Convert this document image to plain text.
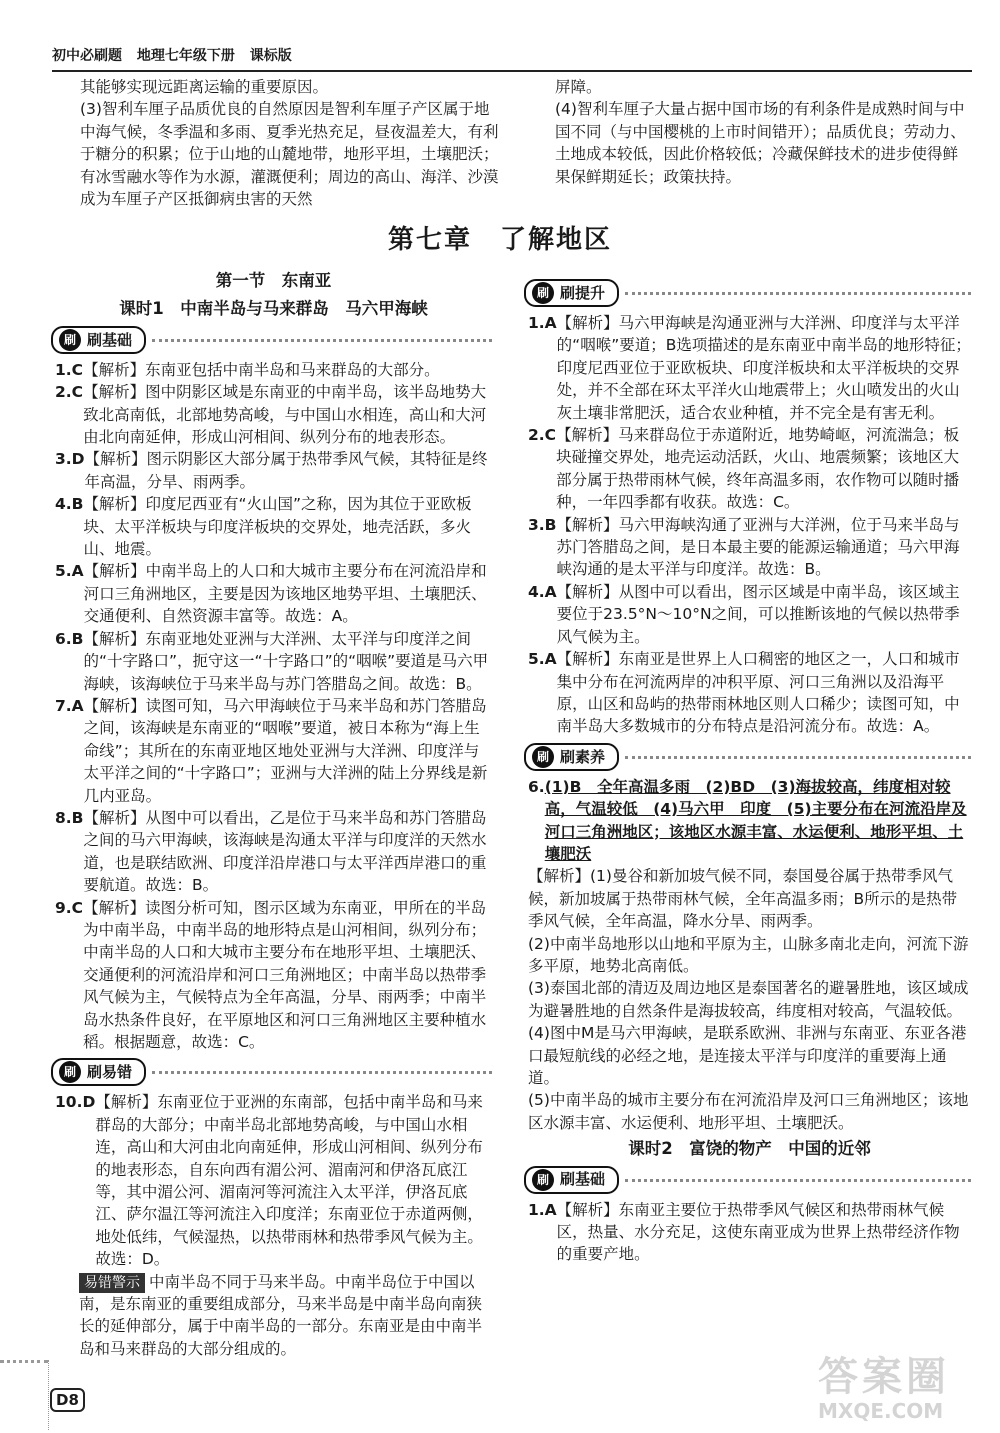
初中必刷题 地理七年级下册 课标版

其能够实现远距离运输的重要原因。

(3)智利车厘子品质优良的自然原因是智利车厘子产区属于地中海气候，冬季温和多雨、夏季光热充足，昼夜温差大，有利于糖分的积累；位于山地的山麓地带，地形平坦，土壤肥沃；有冰雪融水等作为水源，灌溉便利；周边的高山、海洋、沙漠成为车厘子产区抵御病虫害的天然

屏障。

(4)智利车厘子大量占据中国市场的有利条件是成熟时间与中国不同（与中国樱桃的上市时间错开）；品质优良；劳动力、土地成本较低，因此价格较低；冷藏保鲜技术的进步使得鲜果保鲜期延长；政策扶持。

第七章　了解地区

第一节　东南亚

课时1　中南半岛与马来群岛　马六甲海峡

刷 刷基础
1.C 【解析】东南亚包括中南半岛和马来群岛的大部分。
2.C 【解析】图中阴影区域是东南亚的中南半岛，该半岛地势大致北高南低，北部地势高峻，与中国山水相连，高山和大河由北向南延伸，形成山河相间、纵列分布的地表形态。
3.D 【解析】图示阴影区大部分属于热带季风气候，其特征是终年高温，分旱、雨两季。
4.B 【解析】印度尼西亚有“火山国”之称，因为其位于亚欧板块、太平洋板块与印度洋板块的交界处，地壳活跃，多火山、地震。
5.A 【解析】中南半岛上的人口和大城市主要分布在河流沿岸和河口三角洲地区，主要是因为该地区地势平坦、土壤肥沃、交通便利、自然资源丰富等。故选：A。
6.B 【解析】东南亚地处亚洲与大洋洲、太平洋与印度洋之间的“十字路口”，扼守这一“十字路口”的“咽喉”要道是马六甲海峡，该海峡位于马来半岛与苏门答腊岛之间。故选：B。
7.A 【解析】读图可知，马六甲海峡位于马来半岛和苏门答腊岛之间，该海峡是东南亚的“咽喉”要道，被日本称为“海上生命线”；其所在的东南亚地区地处亚洲与大洋洲、印度洋与太平洋之间的“十字路口”；亚洲与大洋洲的陆上分界线是新几内亚岛。
8.B 【解析】从图中可以看出，乙是位于马来半岛和苏门答腊岛之间的马六甲海峡，该海峡是沟通太平洋与印度洋的天然水道，也是联结欧洲、印度洋沿岸港口与太平洋西岸港口的重要航道。故选：B。
9.C 【解析】读图分析可知，图示区域为东南亚，甲所在的半岛为中南半岛，中南半岛的地形特点是山河相间，纵列分布；中南半岛的人口和大城市主要分布在地形平坦、土壤肥沃、交通便利的河流沿岸和河口三角洲地区；中南半岛以热带季风气候为主，气候特点为全年高温，分旱、雨两季；中南半岛水热条件良好，在平原地区和河口三角洲地区主要种植水稻。根据题意，故选：C。
刷 刷易错
10.D 【解析】东南亚位于亚洲的东南部，包括中南半岛和马来群岛的大部分；中南半岛北部地势高峻，与中国山水相连，高山和大河由北向南延伸，形成山河相间、纵列分布的地表形态，自东向西有湄公河、湄南河和伊洛瓦底江等，其中湄公河、湄南河等河流注入太平洋，伊洛瓦底江、萨尔温江等河流注入印度洋；东南亚位于赤道两侧，地处低纬，气候湿热，以热带雨林和热带季风气候为主。故选：D。
易错警示 中南半岛不同于马来半岛。中南半岛位于中国以南，是东南亚的重要组成部分，马来半岛是中南半岛向南狭长的延伸部分，属于中南半岛的一部分。东南亚是由中南半岛和马来群岛的大部分组成的。
刷 刷提升
1.A 【解析】马六甲海峡是沟通亚洲与大洋洲、印度洋与太平洋的“咽喉”要道；B选项描述的是东南亚中南半岛的地形特征；印度尼西亚位于亚欧板块、印度洋板块和太平洋板块的交界处，并不全部在环太平洋火山地震带上；火山喷发出的火山灰土壤非常肥沃，适合农业种植，并不完全是有害无利。
2.C 【解析】马来群岛位于赤道附近，地势崎岖，河流湍急；板块碰撞交界处，地壳运动活跃，火山、地震频繁；该地区大部分属于热带雨林气候，终年高温多雨，农作物可以随时播种，一年四季都有收获。故选：C。
3.B 【解析】马六甲海峡沟通了亚洲与大洋洲，位于马来半岛与苏门答腊岛之间，是日本最主要的能源运输通道；马六甲海峡沟通的是太平洋与印度洋。故选：B。
4.A 【解析】从图中可以看出，图示区域是中南半岛，该区域主要位于23.5°N～10°N之间，可以推断该地的气候以热带季风气候为主。
5.A 【解析】东南亚是世界上人口稠密的地区之一，人口和城市集中分布在河流两岸的冲积平原、河口三角洲以及沿海平原，山区和岛屿的热带雨林地区则人口稀少；读图可知，中南半岛大多数城市的分布特点是沿河流分布。故选：A。
刷 刷素养
6. (1)B　全年高温多雨　(2)BD　(3)海拔较高，纬度相对较高，气温较低　(4)马六甲　印度　(5)主要分布在河流沿岸及河口三角洲地区；该地区水源丰富、水运便利、地形平坦、土壤肥沃

【解析】(1)曼谷和新加坡气候不同，泰国曼谷属于热带季风气候，新加坡属于热带雨林气候，全年高温多雨；B所示的是热带季风气候，全年高温，降水分旱、雨两季。

(2)中南半岛地形以山地和平原为主，山脉多南北走向，河流下游多平原，地势北高南低。

(3)泰国北部的清迈及周边地区是泰国著名的避暑胜地，该区域成为避暑胜地的自然条件是海拔较高，纬度相对较高，气温较低。

(4)图中M是马六甲海峡，是联系欧洲、非洲与东南亚、东亚各港口最短航线的必经之地，是连接太平洋与印度洋的重要海上通道。

(5)中南半岛的城市主要分布在河流沿岸及河口三角洲地区；该地区水源丰富、水运便利、地形平坦、土壤肥沃。

课时2　富饶的物产　中国的近邻

刷 刷基础
1.A 【解析】东南亚主要位于热带季风气候区和热带雨林气候区，热量、水分充足，这使东南亚成为世界上热带经济作物的重要产地。
D8	答案圈
MXQE.COM
